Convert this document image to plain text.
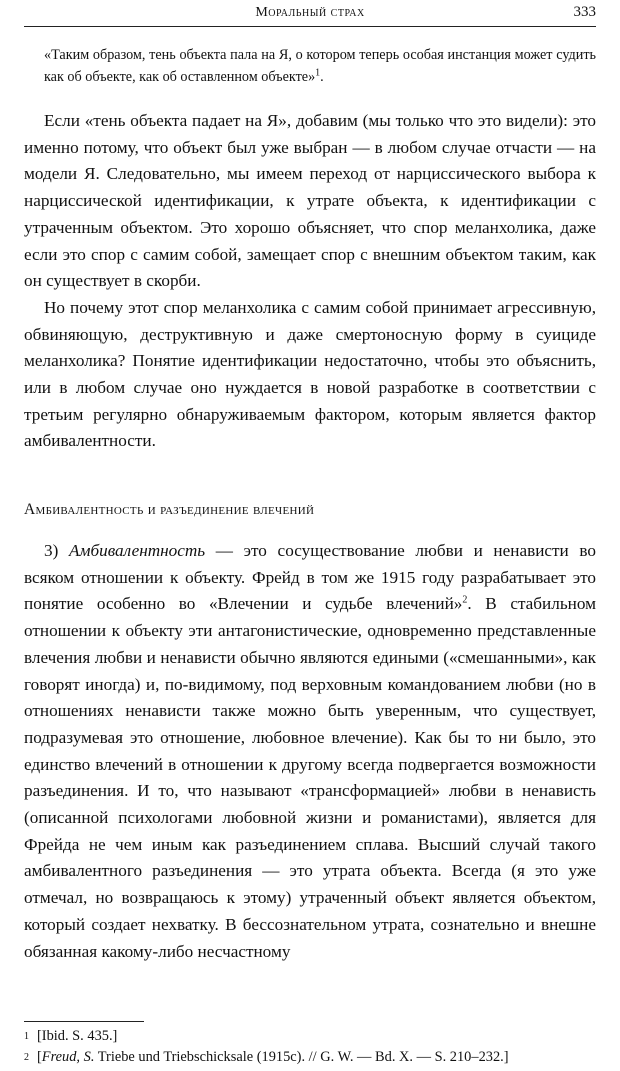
Моральный страх	333

«Таким образом, тень объекта пала на Я, о котором теперь особая инстанция может судить как об объекте, как об оставленном объекте»$^1$.

Если «тень объекта падает на Я», добавим (мы только что это видели): это именно потому, что объект был уже выбран — в любом случае отчасти — на модели Я. Следовательно, мы имеем переход от нарциссического выбора к нарциссической идентификации, к утрате объекта, к идентификации с утраченным объектом. Это хорошо объясняет, что спор меланхолика, даже если это спор с самим собой, замещает спор с внешним объектом таким, как он существует в скорби.

Но почему этот спор меланхолика с самим собой принимает агрессивную, обвиняющую, деструктивную и даже смертоносную форму в суициде меланхолика? Понятие идентификации недостаточно, чтобы это объяснить, или в любом случае оно нуждается в новой разработке в соответствии с третьим регулярно обнаруживаемым фактором, которым является фактор амбивалентности.

Амбивалентность и разъединение влечений

3) Амбивалентность — это сосуществование любви и ненависти во всяком отношении к объекту. Фрейд в том же 1915 году разрабатывает это понятие особенно во «Влечении и судьбе влечений»$^2$. В стабильном отношении к объекту эти антагонистические, одновременно представленные влечения любви и ненависти обычно являются едиными («смешанными», как говорят иногда) и, по-видимому, под верховным командованием любви (но в отношениях ненависти также можно быть уверенным, что существует, подразумевая это отношение, любовное влечение). Как бы то ни было, это единство влечений в отношении к другому всегда подвергается возможности разъединения. И то, что называют «трансформацией» любви в ненависть (описанной психологами любовной жизни и романистами), является для Фрейда не чем иным как разъединением сплава. Высший случай такого амбивалентного разъединения — это утрата объекта. Всегда (я это уже отмечал, но возвращаюсь к этому) утраченный объект является объектом, который создает нехватку. В бессознательном утрата, сознательно и внешне обязанная какому-либо несчастному

$^1$ [Ibid. S. 435.]

$^2$ [Freud, S. Triebe und Triebschicksale (1915c). // G. W. — Bd. X. — S. 210–232.]
